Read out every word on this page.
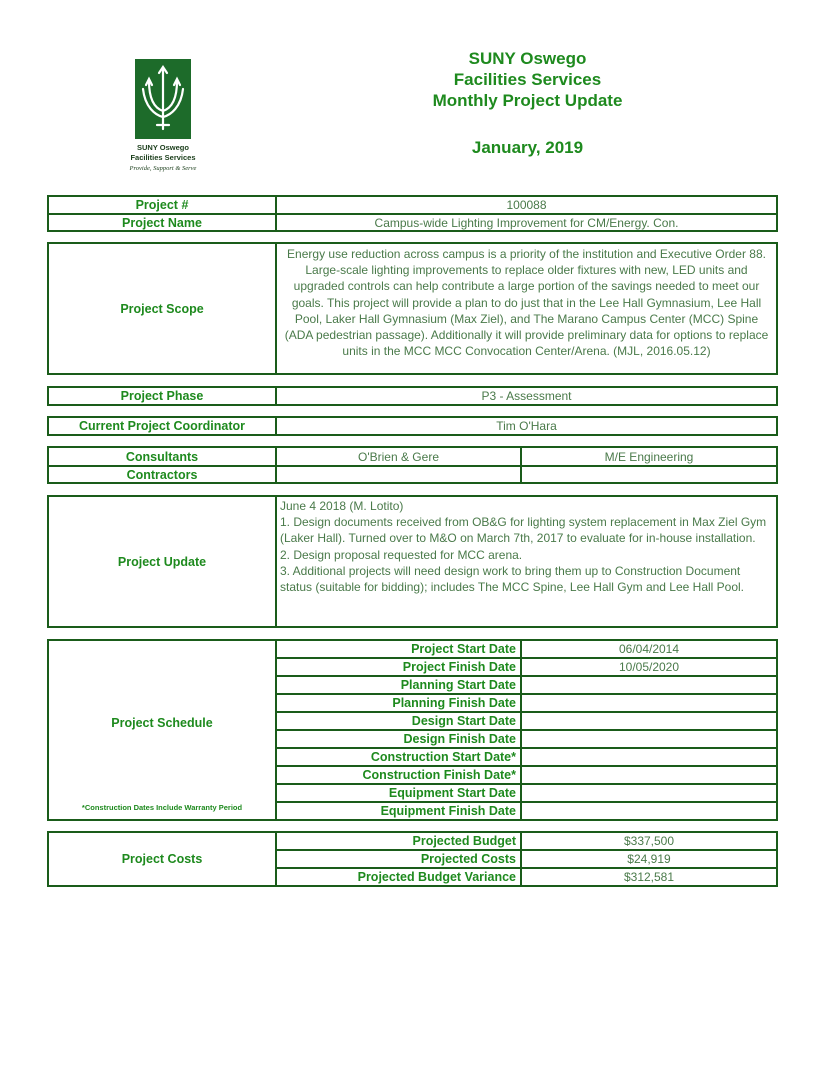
SUNY Oswego
Facilities Services
Provide, Support & Serve
SUNY Oswego
Facilities Services
Monthly Project Update
January, 2019
Project #	100088
Project Name	Campus-wide Lighting Improvement for CM/Energy. Con.
Project Scope
Energy use reduction across campus is a priority of the institution and Executive Order 88. Large-scale lighting improvements to replace older fixtures with new, LED units and upgraded controls can help contribute a large portion of the savings needed to meet our goals. This project will provide a plan to do just that in the Lee Hall Gymnasium, Lee Hall Pool, Laker Hall Gymnasium (Max Ziel), and The Marano Campus Center (MCC) Spine (ADA pedestrian passage). Additionally it will provide preliminary data for options to replace units in the MCC MCC Convocation Center/Arena. (MJL, 2016.05.12)
Project Phase	P3 - Assessment
Current Project Coordinator	Tim O'Hara
Consultants	O'Brien & Gere	M/E Engineering
Contractors
Project Update
June 4 2018 (M. Lotito)
1. Design documents received from OB&G for lighting system replacement in Max Ziel Gym (Laker Hall). Turned over to M&O on March 7th, 2017 to evaluate for in-house installation.
2. Design proposal requested for MCC arena.
3. Additional projects will need design work to bring them up to Construction Document status (suitable for bidding); includes The MCC Spine, Lee Hall Gym and Lee Hall Pool.
Project Schedule
*Construction Dates Include Warranty Period
Project Start Date	06/04/2014
Project Finish Date	10/05/2020
Planning Start Date
Planning Finish Date
Design Start Date
Design Finish Date
Construction Start Date*
Construction Finish Date*
Equipment Start Date
Equipment Finish Date
Project Costs
Projected Budget	$337,500
Projected Costs	$24,919
Projected Budget Variance	$312,581
